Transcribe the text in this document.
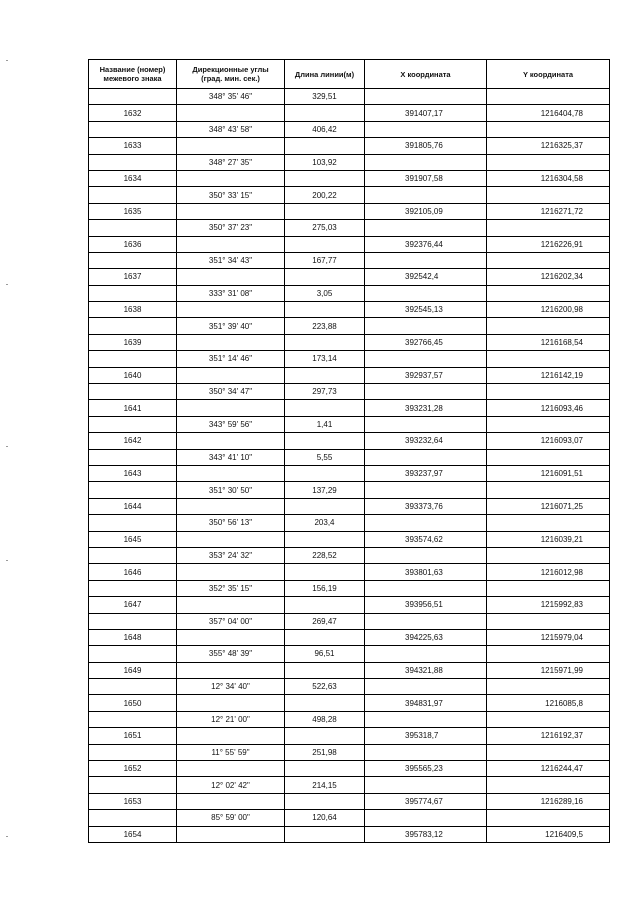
Название (номер)
межевого знака	Дирекционные углы
(град. мин. сек.)	Длина линии(м)	X координата	Y координата
	348° 35' 46"	329,51		
1632			391407,17	1216404,78
	348° 43' 58"	406,42		
1633			391805,76	1216325,37
	348° 27' 35"	103,92		
1634			391907,58	1216304,58
	350° 33' 15"	200,22		
1635			392105,09	1216271,72
	350° 37' 23"	275,03		
1636			392376,44	1216226,91
	351° 34' 43"	167,77		
1637			392542,4	1216202,34
	333° 31' 08"	3,05		
1638			392545,13	1216200,98
	351° 39' 40"	223,88		
1639			392766,45	1216168,54
	351° 14' 46"	173,14		
1640			392937,57	1216142,19
	350° 34' 47"	297,73		
1641			393231,28	1216093,46
	343° 59' 56"	1,41		
1642			393232,64	1216093,07
	343° 41' 10"	5,55		
1643			393237,97	1216091,51
	351° 30' 50"	137,29		
1644			393373,76	1216071,25
	350° 56' 13"	203,4		
1645			393574,62	1216039,21
	353° 24' 32"	228,52		
1646			393801,63	1216012,98
	352° 35' 15"	156,19		
1647			393956,51	1215992,83
	357° 04' 00"	269,47		
1648			394225,63	1215979,04
	355° 48' 39"	96,51		
1649			394321,88	1215971,99
	12° 34' 40"	522,63		
1650			394831,97	1216085,8
	12° 21' 00"	498,28		
1651			395318,7	1216192,37
	11° 55' 59"	251,98		
1652			395565,23	1216244,47
	12° 02' 42"	214,15		
1653			395774,67	1216289,16
	85° 59' 00"	120,64		
1654			395783,12	1216409,5
